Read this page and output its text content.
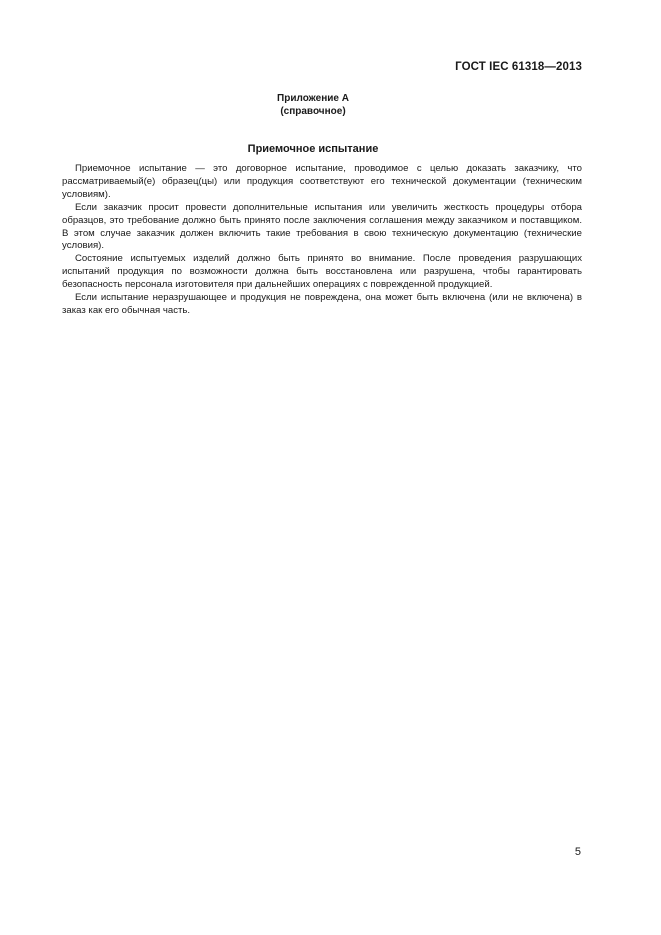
ГОСТ IEC 61318—2013
Приложение А
(справочное)
Приемочное испытание

Приемочное испытание — это договорное испытание, проводимое с целью доказать заказчику, что рассматриваемый(е) образец(цы) или продукция соответствуют его технической документации (техническим условиям).

Если заказчик просит провести дополнительные испытания или увеличить жесткость процедуры отбора образцов, это требование должно быть принято после заключения соглашения между заказчиком и поставщиком. В этом случае заказчик должен включить такие требования в свою техническую документацию (технические условия).

Состояние испытуемых изделий должно быть принято во внимание. После проведения разрушающих испытаний продукция по возможности должна быть восстановлена или разрушена, чтобы гарантировать безопасность персонала изготовителя при дальнейших операциях с поврежденной продукцией.

Если испытание неразрушающее и продукция не повреждена, она может быть включена (или не включена) в заказ как его обычная часть.

5
